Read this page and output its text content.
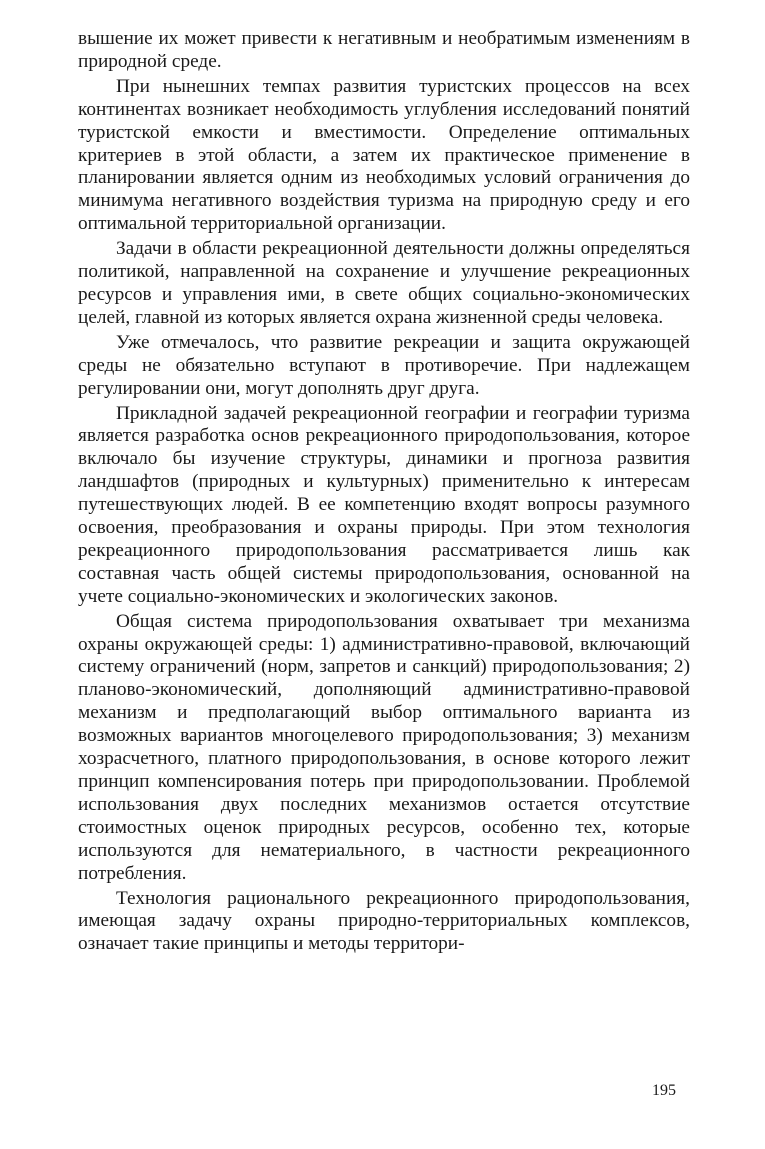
вышение их может привести к негативным и необратимым изменениям в природной среде.

При нынешних темпах развития туристских процессов на всех континентах возникает необходимость углубления исследований понятий туристской емкости и вместимости. Определение оптимальных критериев в этой области, а затем их практическое применение в планировании является одним из необходимых условий ограничения до минимума негативного воздействия туризма на природную среду и его оптимальной территориальной организации.

Задачи в области рекреационной деятельности должны определяться политикой, направленной на сохранение и улучшение рекреационных ресурсов и управления ими, в свете общих социально-экономических целей, главной из которых является охрана жизненной среды человека.

Уже отмечалось, что развитие рекреации и защита окружающей среды не обязательно вступают в противоречие. При надлежащем регулировании они, могут дополнять друг друга.

Прикладной задачей рекреационной географии и географии туризма является разработка основ рекреационного природопользования, которое включало бы изучение структуры, динамики и прогноза развития ландшафтов (природных и культурных) применительно к интересам путешествующих людей. В ее компетенцию входят вопросы разумного освоения, преобразования и охраны природы. При этом технология рекреационного природопользования рассматривается лишь как составная часть общей системы природопользования, основанной на учете социально-экономических и экологических законов.

Общая система природопользования охватывает три механизма охраны окружающей среды: 1) административно-правовой, включающий систему ограничений (норм, запретов и санкций) природопользования; 2) планово-экономический, дополняющий административно-правовой механизм и предполагающий выбор оптимального варианта из возможных вариантов многоцелевого природопользования; 3) механизм хозрасчетного, платного природопользования, в основе которого лежит принцип компенсирования потерь при природопользовании. Проблемой использования двух последних механизмов остается отсутствие стоимостных оценок природных ресурсов, особенно тех, которые используются для нематериального, в частности рекреационного потребления.

Технология рационального рекреационного природопользования, имеющая задачу охраны природно-территориальных комплексов, означает такие принципы и методы территори-

195
